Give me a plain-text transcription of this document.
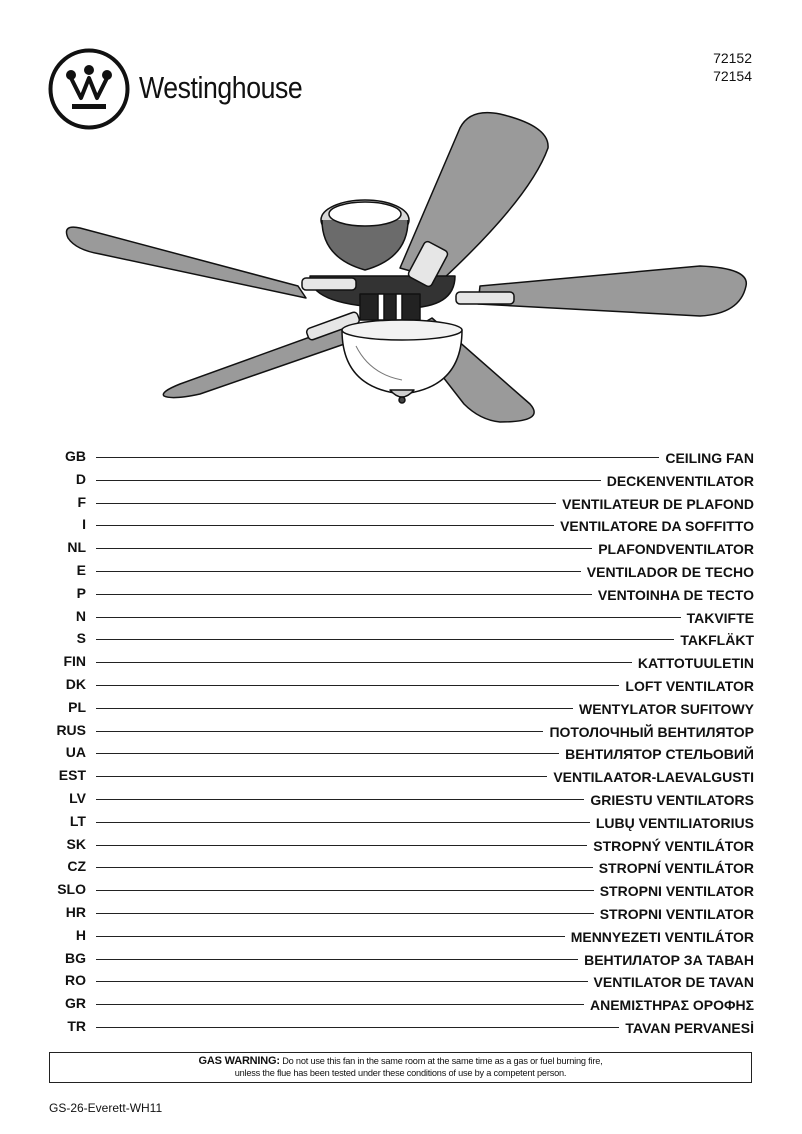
Westinghouse
72152
72154
GB	CEILING FAN
D	DECKENVENTILATOR
F	VENTILATEUR DE PLAFOND
I	VENTILATORE DA SOFFITTO
NL	PLAFONDVENTILATOR
E	VENTILADOR DE TECHO
P	VENTOINHA DE TECTO
N	TAKVIFTE
S	TAKFLÄKT
FIN	KATTOTUULETIN
DK	LOFT VENTILATOR
PL	WENTYLATOR SUFITOWY
RUS	ПОТОЛОЧНЫЙ ВЕНТИЛЯТОР
UA	ВЕНТИЛЯТОР СТЕЛЬОВИЙ
EST	VENTILAATOR-LAEVALGUSTI
LV	GRIESTU VENTILATORS
LT	LUBŲ VENTILIATORIUS
SK	STROPNÝ VENTILÁTOR
CZ	STROPNÍ VENTILÁTOR
SLO	STROPNI VENTILATOR
HR	STROPNI VENTILATOR
H	MENNYEZETI VENTILÁTOR
BG	ВЕНТИЛАТОР ЗА ТАВАН
RO	VENTILATOR DE TAVAN
GR	ΑΝΕΜΙΣΤΗΡΑΣ ΟΡΟΦΗΣ
TR	TAVAN PERVANESİ
GAS WARNING: Do not use this fan in the same room at the same time as a gas or fuel burning fire,
unless the flue has been tested under these conditions of use by a competent person.
GS-26-Everett-WH11
